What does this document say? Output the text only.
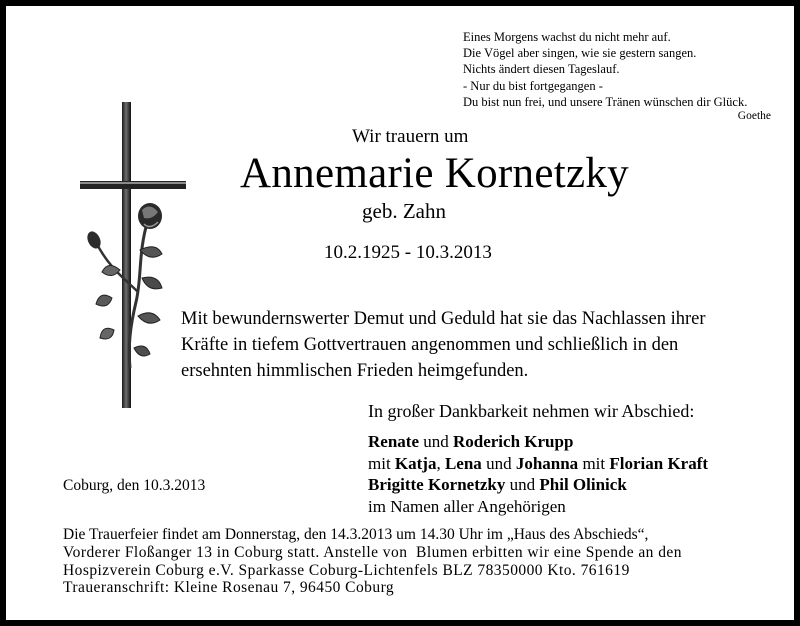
Eines Morgens wachst du nicht mehr auf.
Die Vögel aber singen, wie sie gestern sangen.
Nichts ändert diesen Tageslauf.
- Nur du bist fortgegangen -
Du bist nun frei, und unsere Tränen wünschen dir Glück.
Goethe
Wir trauern um
Annemarie Kornetzky
geb. Zahn
10.2.1925 - 10.3.2013
Mit bewundernswerter Demut und Geduld hat sie das Nachlassen ihrer
Kräfte in tiefem Gottvertrauen angenommen und schließlich in den
ersehnten himmlischen Frieden heimgefunden.
In großer Dankbarkeit nehmen wir Abschied:
Renate und Roderich Krupp
mit Katja, Lena und Johanna mit Florian Kraft
Brigitte Kornetzky und Phil Olinick
im Namen aller Angehörigen
Coburg, den 10.3.2013
Die Trauerfeier findet am Donnerstag, den 14.3.2013 um 14.30 Uhr im „Haus des Abschieds“,
Vorderer Floßanger 13 in Coburg statt. Anstelle von  Blumen erbitten wir eine Spende an den
Hospizverein Coburg e.V. Sparkasse Coburg-Lichtenfels BLZ 78350000 Kto. 761619
Traueranschrift: Kleine Rosenau 7, 96450 Coburg
